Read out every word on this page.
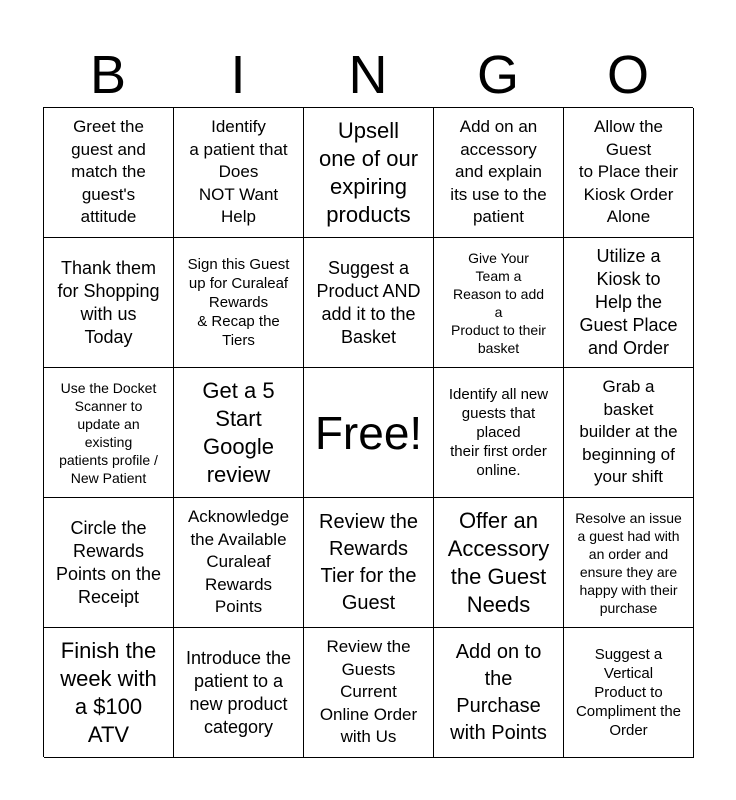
B	I	N	G	O
Greet the
guest and
match the
guest's
attitude
Identify
a patient that
Does
NOT Want
Help
Upsell
one of our
expiring
products
Add on an
accessory
and explain
its use to the
patient
Allow the
Guest
to Place their
Kiosk Order
Alone
Thank them
for Shopping
with us
Today
Sign this Guest
up for Curaleaf
Rewards
& Recap the
Tiers
Suggest a
Product AND
add it to the
Basket
Give Your
Team a
Reason to add
a
Product to their
basket
Utilize a
Kiosk to
Help the
Guest Place
and Order
Use the Docket
Scanner to
update an
existing
patients profile /
New Patient
Get a 5
Start
Google
review
Free!
Identify all new
guests that
placed
their first order
online.
Grab a
basket
builder at the
beginning of
your shift
Circle the
Rewards
Points on the
Receipt
Acknowledge
the Available
Curaleaf
Rewards
Points
Review the
Rewards
Tier for the
Guest
Offer an
Accessory
the Guest
Needs
Resolve an issue
a guest had with
an order and
ensure they are
happy with their
purchase
Finish the
week with
a $100
ATV
Introduce the
patient to a
new product
category
Review the
Guests
Current
Online Order
with Us
Add on to
the
Purchase
with Points
Suggest a
Vertical
Product to
Compliment the
Order
